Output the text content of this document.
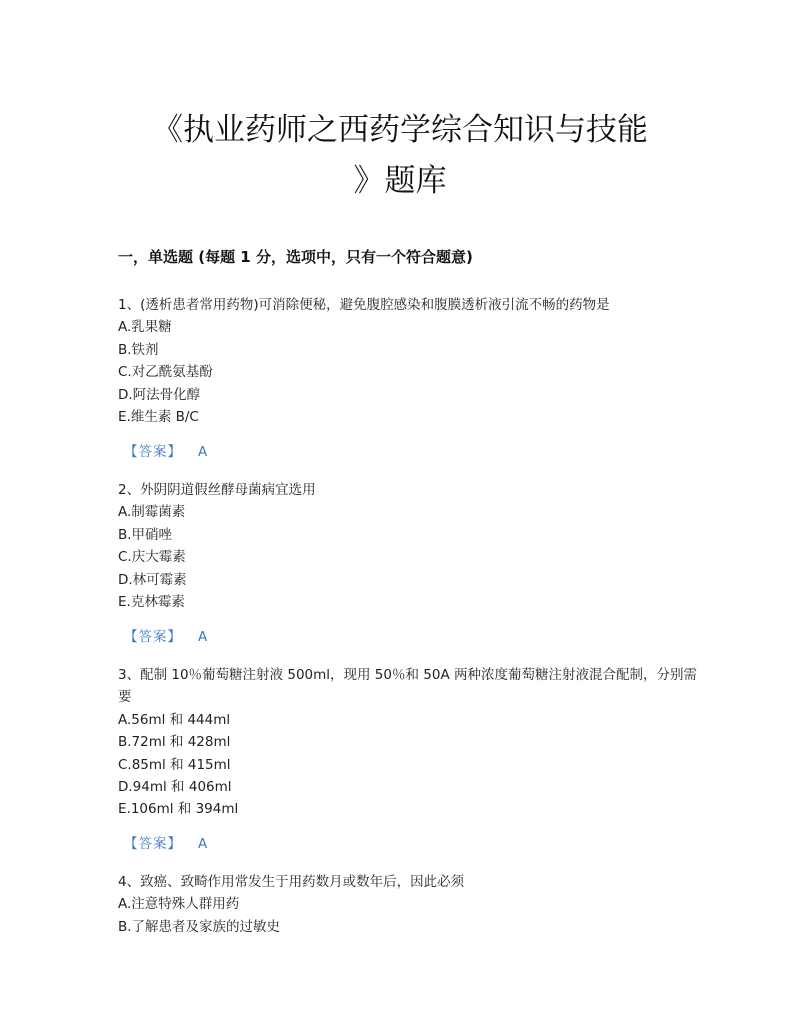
《执业药师之西药学综合知识与技能
》题库
一，单选题 (每题 1 分，选项中，只有一个符合题意)
1、(透析患者常用药物)可消除便秘，避免腹腔感染和腹膜透析液引流不畅的药物是
A.乳果糖
B.铁剂
C.对乙酰氨基酚
D.阿法骨化醇
E.维生素 B/C
【答案】 A
2、外阴阴道假丝酵母菌病宜选用
A.制霉菌素
B.甲硝唑
C.庆大霉素
D.林可霉素
E.克林霉素
【答案】 A
3、配制 10％葡萄糖注射液 500ml，现用 50％和 50A 两种浓度葡萄糖注射液混合配制，分别需要
A.56ml 和 444ml
B.72ml 和 428ml
C.85ml 和 415ml
D.94ml 和 406ml
E.106ml 和 394ml
【答案】 A
4、致癌、致畸作用常发生于用药数月或数年后，因此必须
A.注意特殊人群用药
B.了解患者及家族的过敏史
